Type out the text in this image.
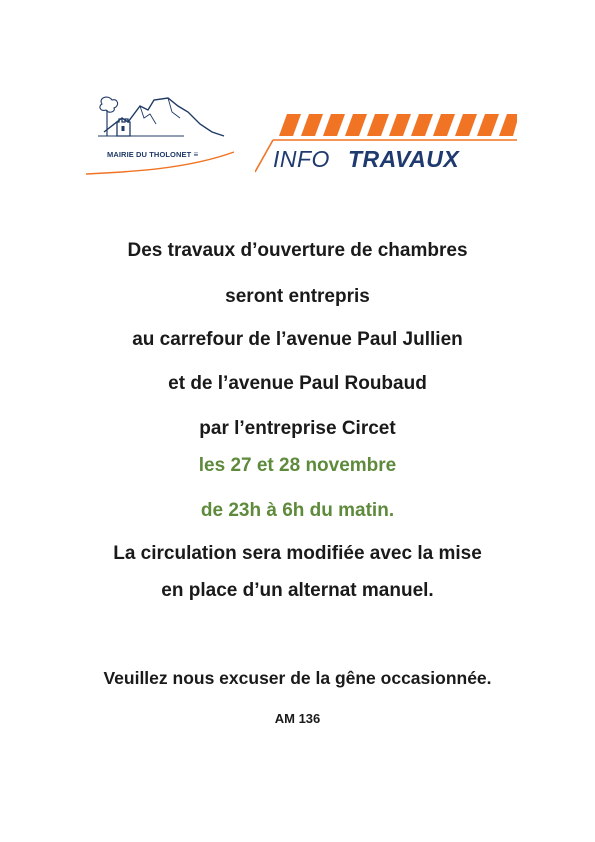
MAIRIE DU THOLONET ≡	INFO TRAVAUX
Des travaux d’ouverture de chambres
seront entrepris
au carrefour de l’avenue Paul Jullien
et de l’avenue Paul Roubaud
par l’entreprise Circet
les 27 et 28 novembre
de 23h à 6h du matin.
La circulation sera modifiée avec la mise
en place d’un alternat manuel.
Veuillez nous excuser de la gêne occasionnée.
AM 136
